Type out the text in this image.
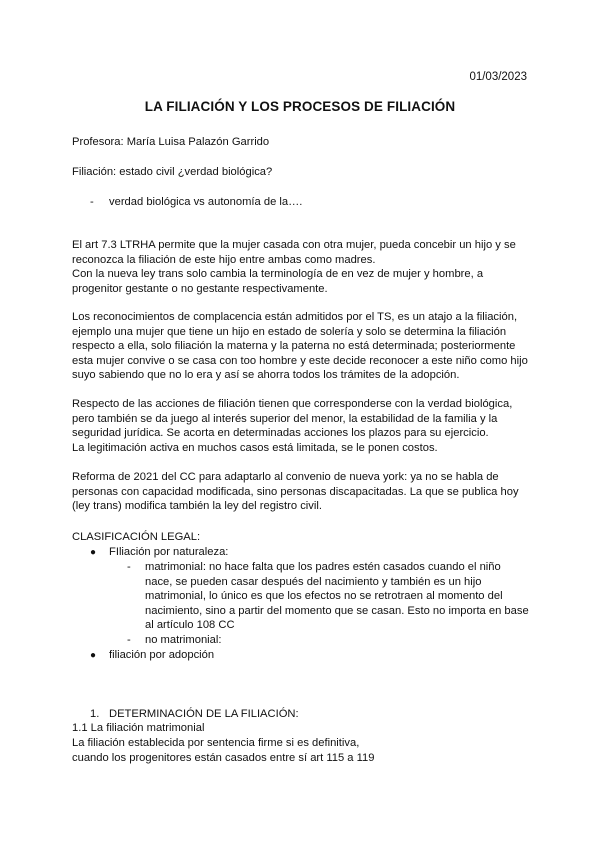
01/03/2023
LA FILIACIÓN Y LOS PROCESOS DE FILIACIÓN
Profesora: María Luisa Palazón Garrido
Filiación: estado civil ¿verdad biológica?
- verdad biológica vs autonomía de la….

El art 7.3 LTRHA permite que la mujer casada con otra mujer, pueda concebir un hijo y se

reconozca la filiación de este hijo entre ambas como madres.

Con la nueva ley trans solo cambia la terminología de en vez de mujer y hombre, a

progenitor gestante o no gestante respectivamente.

Los reconocimientos de complacencia están admitidos por el TS, es un atajo a la filiación,

ejemplo una mujer que tiene un hijo en estado de solería y solo se determina la filiación

respecto a ella, solo filiación la materna y la paterna no está determinada; posteriormente

esta mujer convive o se casa con too hombre y este decide reconocer a este niño como hijo

suyo sabiendo que no lo era y así se ahorra todos los trámites de la adopción.

Respecto de las acciones de filiación tienen que corresponderse con la verdad biológica,

pero también se da juego al interés superior del menor, la estabilidad de la familia y la

seguridad jurídica. Se acorta en determinadas acciones los plazos para su ejercicio.

La legitimación activa en muchos casos está limitada, se le ponen costos.

Reforma de 2021 del CC para adaptarlo al convenio de nueva york: ya no se habla de

personas con capacidad modificada, sino personas discapacitadas. La que se publica hoy

(ley trans) modifica también la ley del registro civil.

CLASIFICACIÓN LEGAL:
● FIliación por naturaleza:
- matrimonial: no hace falta que los padres estén casados cuando el niño

nace, se pueden casar después del nacimiento y también es un hijo

matrimonial, lo único es que los efectos no se retrotraen al momento del

nacimiento, sino a partir del momento que se casan. Esto no importa en base

al artículo 108 CC

- no matrimonial:
● filiación por adopción
1. DETERMINACIÓN DE LA FILIACIÓN:
1.1 La filiación matrimonial

La filiación establecida por sentencia firme si es definitiva,

cuando los progenitores están casados entre sí art 115 a 119
